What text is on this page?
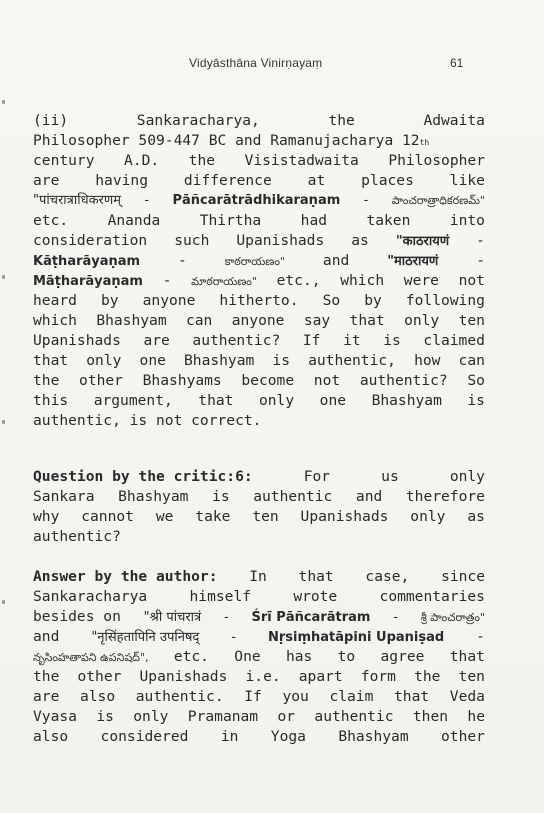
Vidyāsthāna Vinirṇayaṃ	61
(ii)	Sankaracharya,	the	Adwaita
Philosopher 509-447 BC and Ramanujacharya 12 th
century A.D. the Visistadwaita Philosopher
are having difference at places like
"पांचरात्राधिकरणम् - Pāñcarātrādhikaraṇam - పాంచరాత్రాధికరణమ్"
etc.	Ananda	Thirtha	had	taken	into
consideration such Upanishads as "काठरायणं -
Kāṭharāyaṇam	-	కాఠరాయణం"	and	"माठरायणं	-
Māṭharāyaṇam - మాఠరాయణం" etc., which were not
heard by anyone hitherto. So by following
which Bhashyam can anyone say that only ten
Upanishads are authentic? If it is claimed
that only one Bhashyam is authentic, how can
the other Bhashyams become not authentic? So
this argument, that only one Bhashyam is
authentic, is not correct.
Question by the critic:6:	For	us	only
Sankara Bhashyam is authentic and therefore
why cannot we take ten Upanishads only as
authentic?
Answer by the author: In that case, since
Sankaracharya	himself	wrote	commentaries
besides on "श्री पांचरात्रं - Śrī Pāñcarātram - శ్రీ పాంచరాత్రం"
and "नृसिंहतापिनि उपनिषद् - Nṛsiṃhatāpini Upaniṣad -
నృసింహతాపని ఉపనిషద్", etc. One has to agree that
the other Upanishads i.e. apart form the ten
are also authentic. If you claim that Veda
Vyasa is only Pramanam or authentic then he
also considered in Yoga Bhashyam other
